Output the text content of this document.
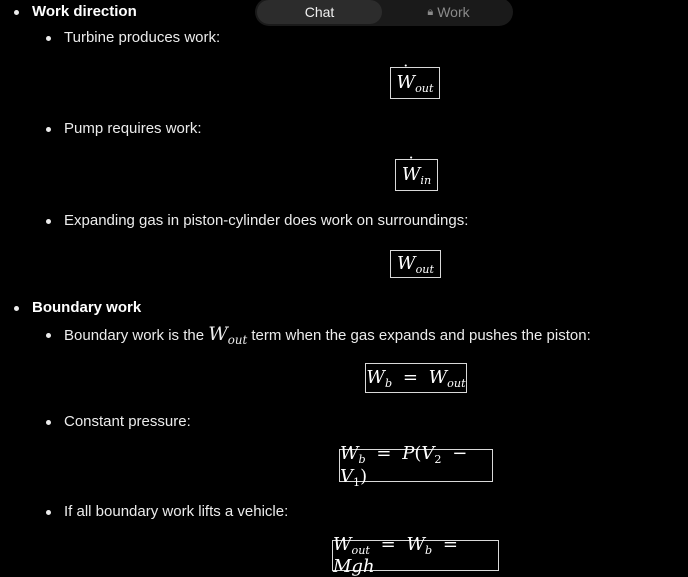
Chat	🔒︎ Work
Work direction
Turbine produces work:
˙ $W_{out}$
Pump requires work:
˙ $W_{in}$
Expanding gas in piston-cylinder does work on surroundings:
$W_{out}$
Boundary work
Boundary work is the $W_{out}$ term when the gas expands and pushes the piston:
$W_b = W_{out}$
Constant pressure:
$W_b = P(V_2 - V_1)$
If all boundary work lifts a vehicle:
$W_{out} = W_b$ = Mgh
